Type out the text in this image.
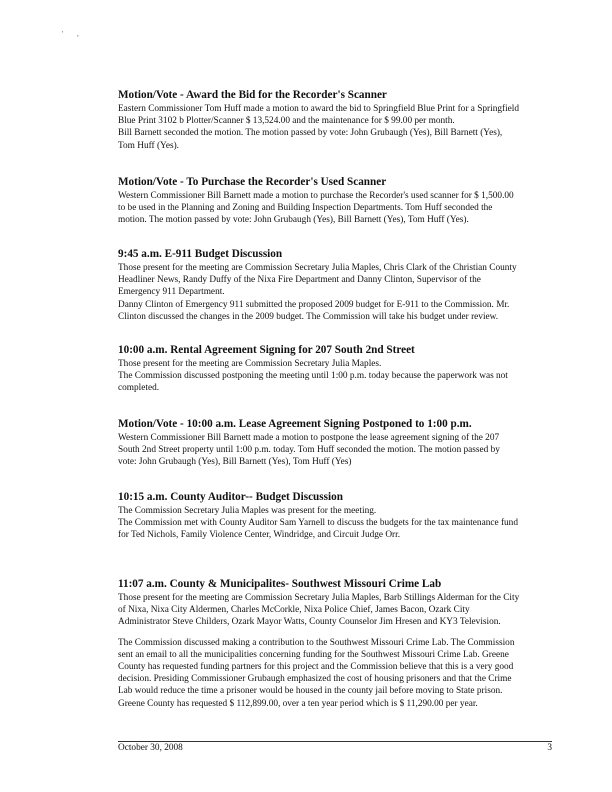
' ,
Motion/Vote - Award the Bid for the Recorder's Scanner
Eastern Commissioner Tom Huff made a motion to award the bid to Springfield Blue Print for a Springfield
Blue Print 3102 b Plotter/Scanner $ 13,524.00 and the maintenance for $ 99.00 per month.
Bill Barnett seconded the motion. The motion passed by vote: John Grubaugh (Yes), Bill Barnett (Yes),
Tom Huff (Yes).
Motion/Vote - To Purchase the Recorder's Used Scanner
Western Commissioner Bill Barnett made a motion to purchase the Recorder's used scanner for $ 1,500.00
to be used in the Planning and Zoning and Building Inspection Departments. Tom Huff seconded the
motion. The motion passed by vote: John Grubaugh (Yes), Bill Barnett (Yes), Tom Huff (Yes).
9:45 a.m. E-911 Budget Discussion
Those present for the meeting are Commission Secretary Julia Maples, Chris Clark of the Christian County
Headliner News, Randy Duffy of the Nixa Fire Department and Danny Clinton, Supervisor of the
Emergency 911 Department.
Danny Clinton of Emergency 911 submitted the proposed 2009 budget for E-911 to the Commission. Mr.
Clinton discussed the changes in the 2009 budget. The Commission will take his budget under review.
10:00 a.m. Rental Agreement Signing for 207 South 2nd Street
Those present for the meeting are Commission Secretary Julia Maples.
The Commission discussed postponing the meeting until 1:00 p.m. today because the paperwork was not
completed.
Motion/Vote - 10:00 a.m. Lease Agreement Signing Postponed to 1:00 p.m.
Western Commissioner Bill Barnett made a motion to postpone the lease agreement signing of the 207
South 2nd Street property until 1:00 p.m. today. Tom Huff seconded the motion. The motion passed by
vote: John Grubaugh (Yes), Bill Barnett (Yes), Tom Huff (Yes)
10:15 a.m. County Auditor-- Budget Discussion
The Commission Secretary Julia Maples was present for the meeting.
The Commission met with County Auditor Sam Yarnell to discuss the budgets for the tax maintenance fund
for Ted Nichols, Family Violence Center, Windridge, and Circuit Judge Orr.
11:07 a.m. County & Municipalites- Southwest Missouri Crime Lab
Those present for the meeting are Commission Secretary Julia Maples, Barb Stillings Alderman for the City
of Nixa, Nixa City Aldermen, Charles McCorkle, Nixa Police Chief, James Bacon, Ozark City
Administrator Steve Childers, Ozark Mayor Watts, County Counselor Jim Hresen and KY3 Television.
The Commission discussed making a contribution to the Southwest Missouri Crime Lab. The Commission
sent an email to all the municipalities concerning funding for the Southwest Missouri Crime Lab. Greene
County has requested funding partners for this project and the Commission believe that this is a very good
decision. Presiding Commissioner Grubaugh emphasized the cost of housing prisoners and that the Crime
Lab would reduce the time a prisoner would be housed in the county jail before moving to State prison.
Greene County has requested $ 112,899.00, over a ten year period which is $ 11,290.00 per year.
October 30, 2008	3
